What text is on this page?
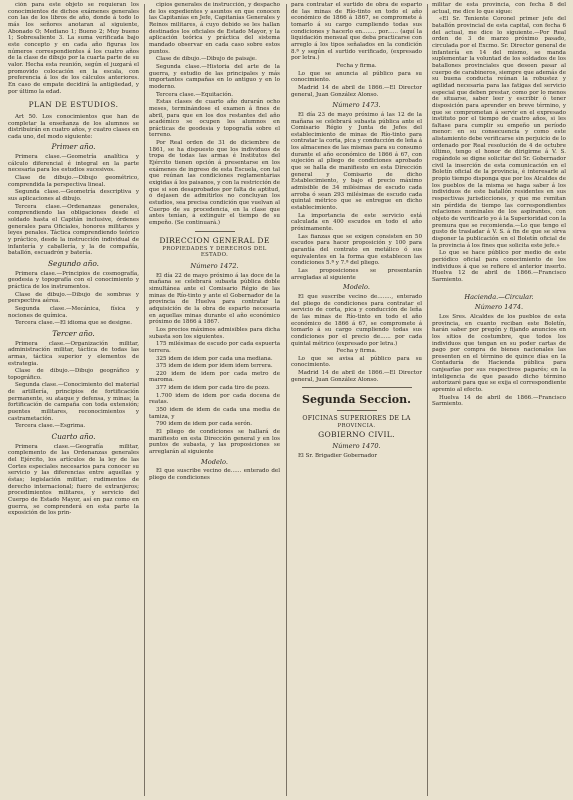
ción para este objeto se requieran los conocimientos de dichos exámenes generales con las de los libros de año, donde á todo lo más los señores anotaran al siguiente, Abonado O; Mediano 1; Bueno 2; Muy bueno 1; Sobresaliente 3. La suma verificada bajo este concepto y en cada año figuras los números correspondientes á los cuatro años de la clase de dibujo por la cuarta parte de su valor. Hecha esta reunión, según el juzgará el promovido colocación en la escala, con preferencia á los de los cálculos anteriores. En caso de empate decidirá la antigüedad, y por último la edad.

PLAN DE ESTUDIOS.

Art 50. Los conocimientos que han de completar la enseñanza de los alumnos se distribuirán en cuatro años, y cuatro clases en cada uno, del modo siguiente:

Primer año.

Primera clase.—Geometría analítica y cálculo diferencial é integral en la parte necesaria para los estudios sucesivos.

Clase de dibujo.—Dibujo geométrico, comprendida la perspectiva lineal.

Segunda clase.—Geometría descriptiva y sus aplicaciones al dibujo.

Tercera clase.—Ordenanzas generales, comprendiendo las obligaciones desde el soldado hasta el Capitán inclusive, órdenes generales para Oficiales, honores militares y leyes penales. Táctica comprendiendo teórico y práctico, desde la instrucción individual de infantería y caballería, y la de compañía, batallón, escuadrón y batería.

Segundo año.

Primera clase.—Principios de cosmografía, geodesia y topografía con el conocimiento y práctica de los instrumentos.

Clase de dibujo.—Dibujo de sombras y perspectiva aérea.

Segunda clase.—Mecánica, física y nociones de química.

Tercera clase.—El idioma que se designe.

Tercer año.

Primera clase.—Organización militar, administración militar, táctica de todas las armas, táctica superior y elementos de estrategia.

Clase de dibujo.—Dibujo geográfico y topográfico.

Segunda clase.—Conocimiento del material de artillería, principios de fortificación permanente, su ataque y defensa, y minas; la fortificación de campaña con toda extensión; puentes militares, reconocimientos y castrametación.

Tercera clase.—Esgrima.

Cuarto año.

Primera clase.—Geografía militar, complemento de las Ordenanzas generales del Ejército, los artículos de la ley de las Cortes especiales necesarios para conocer su servicio y las diferencias entre aquellas y éstas; legislación militar; rudimentos de derecho internacional; fuero de extranjeros; procedimientos militares, y servicio del Cuerpo de Estado Mayor, así en paz como en guerra, se comprenderá en esta parte la exposición de los prin-

cipios generales de instrucción, y despacho de los expedientes y asuntos en que conocen las Capitanías en Jefe, Capitanías Generales y Reinos militares, á cuyo debido se les hallan destinados los oficiales de Estado Mayor, y la aplicación teórica y práctica del sistema mandado observar en cada caso sobre estos puntos.

Clase de dibujo.—Dibujo de paisaje.

Segunda clase.—Historia del arte de la guerra, y estudio de las principales y más importantes campañas en lo antiguo y en lo moderno.

Tercera clase.—Equitación.

Estas clases de cuarto año durarán ocho meses, terminándose el examen á fines de abril, para que en los dos restantes del año académico se ocupen los alumnos en prácticas de geodesia y topografía sobre el terreno.

Por Real orden de 31 de diciembre de 1861, se ha dispuesto que los individuos de tropa de todas las armas é Institutos del Ejército tienen opción á presentarse en los exámenes de ingreso de esta Escuela, con tal que reúnan las condiciones reglamentarias exigidas á los paisanos, y con la restricción de que si son desaprobados por falta de aptitud, ó dejasen de admitirlos no concluyan los estudios, sea precisa condición que vuelvan al Cuerpo de su procedencia, en la clase que antes tenían, á extinguir el tiempo de su empeño. (Se continuará.)

DIRECCION GENERAL DE
PROPIEDADES Y DERECHOS DEL ESTADO.
Número 1472.

El día 22 de mayo próximo á las doce de la mañana se celebrará subasta pública doble simultánea ante el Comisario Régio de las minas de Río-tinto y ante el Gobernador de la provincia de Huelva para contratar la adquisición de la obra de esparto necesaria en aquellas minas durante el año económico próximo de 1866 á 1867.

Los precios máximos admisibles para dicha subasta son los siguientes.

175 milésimas de escudo por cada espuerta terrera.

325 idem de idem por cada una mediana.

375 idem de idem por idem idem terrera.

220 idem de idem por cada metro de maroma.

377 idem de idem por cada tiro de pozo.

1.700 idem de idem por cada docena de reatas.

350 idem de idem de cada una media de tamiza, y

790 idem de idem por cada serón.

El pliego de condiciones se hallará de manifiesto en esta Dirección general y en los puntos de subasta, y las proposiciones se arreglarán al siguiente

Modelo.

El que suscribe vecino de...... enterado del pliego de condiciones

para contratar el surtido de obra de esparto de las minas de Río-tinto en todo el año económico de 1866 á 1867, se compromete á tomarlo á su cargo cumpliendo todas sus condiciones y hacerlo en........ por...... (aquí la liquidación mensual que deba practicarse con arreglo á los tipos señalados en la condición 8.ª y según el surtido verificado, (expresado por letra.)

Fecha y firma.

Lo que se anuncia al público para su conocimiento.

Madrid 14 de abril de 1866.—El Director general, Juan González Alonso.

Número 1473.

El día 23 de mayo próximo á las 12 de la mañana se celebrará subasta pública ante el Comisario Régio y Junta de Jefes del establecimiento de minas de Río-tinto para contratar la corta, pica y conducción de leña á los almacenes de las mismas para su consumo durante el año económico de 1866 á 67, con sujeción al pliego de condiciones aprobado que se halla de manifiesto en esta Dirección general y Comisario de dicho Establecimiento, y bajo el precio máximo admisible de 34 milésimas de escudo cada arroba ó sean 293 milésimas de escudo cada quintal métrico que se entregue en dicho establecimiento.

La importancia de este servicio está calculada en 400 escudos en todo el año próximamente.

Las fianzas que se exigen consisten en 50 escudos para hacer proposición y 100 para garantía del contrato en metálico ó sus equivalentes en la forma que establecen las condiciones 5.ª y 7.ª del pliego.

Las proposiciones se presentarán arregladas al siguiente

Modelo.

El que suscribe vecino de........, enterado del pliego de condiciones para contratar el servicio de corta, pica y conducción de leña de las minas de Río-tinto en todo el año económico de 1866 á 67, se compromete á tomarlo á su cargo cumpliendo todas sus condiciones por el precio de...... por cada quintal métrico (expresado por letra.)

Fecha y firma.

Lo que se avisa al público para su conocimiento.

Madrid 14 de abril de 1866.—El Director general, Juan González Alonso.

Segunda Seccion.
OFICINAS SUPERIORES DE LA
PROVINCIA.
GOBIERNO CIVIL.
Número 1470.

El Sr. Brigadier Gobernador

militar de esta provincia, con fecha 8 del actual, me dice lo que sigue:

«El Sr. Teniente Coronel primer jefe del batallón provincial de esta capital, con fecha 6 del actual, me dice lo siguiente.—Por Real orden de 3 de marzo próximo pasado, circulada por el Excmo. Sr. Director general de infantería en 14 del mismo, se manda suplementar la voluntad de los soldados de los batallones provinciales que deseen pasar al cuerpo de carabineros, siempre que además de su buena conducta reúnan la robustez y agilidad necesaria para las fatigas del servicio especial que deben prestar, como por lo menos de situarse, saber leer y escribir ó tener disposición para aprender en breve término, y que se comprometan á servir en el expresado instituto por el tiempo de cuatro años, si les faltase para cumplir su empeño un período menor: en su consecuencia y como este alistamiento debe verificarse sin perjuicio de lo ordenado por Real resolución de 4 de octubre último, tengo el honor de dirigirme á V. S. rogándole se digne solicitar del Sr. Gobernador civil la inserción de esta comunicación en el Boletín oficial de la provincia, é interesarle al propio tiempo disponga que por los Alcaldes de los pueblos de la misma se haga saber á los individuos de este batallón residentes en sus respectivas jurisdicciones, y que me remitan sin pérdida de tiempo las correspondientes relaciones nominales de los aspirantes, con objeto de verificarlo yo á la Superioridad con la premura que se recomienda.—Lo que tengo el gusto de trasladar á V. S. á fin de que se sirva disponer la publicación en el Boletín oficial de la provincia á los fines que solicita este jefe.»

Lo que se hace público por medio de este periódico oficial para conocimiento de los individuos á que se refiere el anterior inserto. Huelva 12 de abril de 1866.—Francisco Sarmiento.

Hacienda.—Circular.
Número 1474.

Los Sres. Alcaldes de los pueblos de esta provincia, en cuanto reciban este Boletín, harán saber por pregón y fijando anuncios en los sitios de costumbre, que todos los individuos que tengan en su poder cartas de pago por compra de bienes nacionales las presenten en el término de quince días en la Contaduría de Hacienda pública para canjearlas por sus respectivos pagarés; en la inteligencia de que pasado dicho término autorizaré para que se exija el correspondiente apremio al efecto.

Huelva 14 de abril de 1866.—Francisco Sarmiento.
